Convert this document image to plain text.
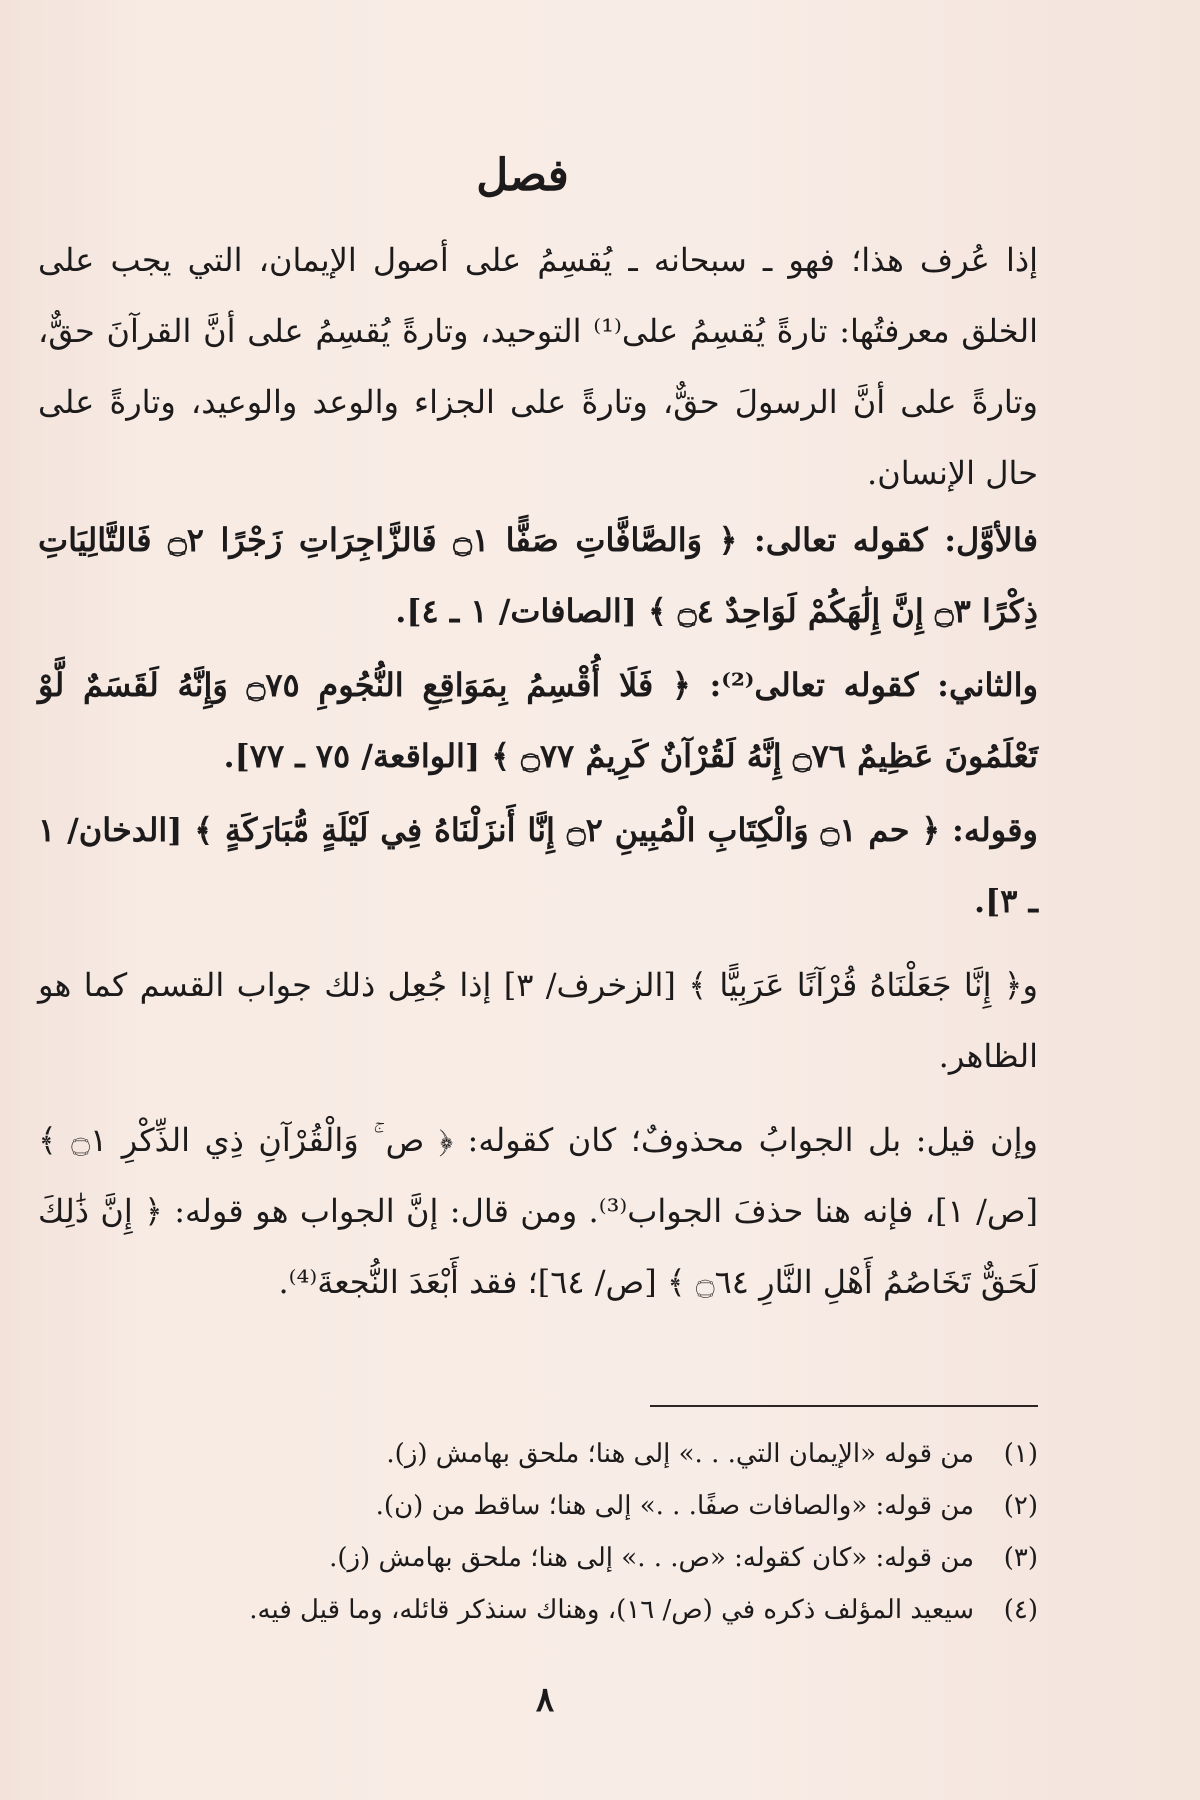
فصل

إذا عُرف هذا؛ فهو ـ سبحانه ـ يُقسِمُ على أصول الإيمان، التي يجب على الخلق معرفتُها: تارةً يُقسِمُ على⁽¹⁾ التوحيد، وتارةً يُقسِمُ على أنَّ القرآنَ حقٌّ، وتارةً على أنَّ الرسولَ حقٌّ، وتارةً على الجزاء والوعد والوعيد، وتارةً على حال الإنسان.

فالأوَّل: كقوله تعالى: ﴿ وَالصَّافَّاتِ صَفًّا ۝١ فَالزَّاجِرَاتِ زَجْرًا ۝٢ فَالتَّالِيَاتِ ذِكْرًا ۝٣ إِنَّ إِلَٰهَكُمْ لَوَاحِدٌ ۝٤ ﴾ [الصافات/ ١ ـ ٤].

والثاني: كقوله تعالى⁽²⁾: ﴿ فَلَا أُقْسِمُ بِمَوَاقِعِ النُّجُومِ ۝٧٥ وَإِنَّهُ لَقَسَمٌ لَّوْ تَعْلَمُونَ عَظِيمٌ ۝٧٦ إِنَّهُ لَقُرْآنٌ كَرِيمٌ ۝٧٧ ﴾ [الواقعة/ ٧٥ ـ ٧٧].

وقوله: ﴿ حم ۝١ وَالْكِتَابِ الْمُبِينِ ۝٢ إِنَّا أَنزَلْنَاهُ فِي لَيْلَةٍ مُّبَارَكَةٍ ﴾ [الدخان/ ١ ـ ٣].

و﴿ إِنَّا جَعَلْنَاهُ قُرْآنًا عَرَبِيًّا ﴾ [الزخرف/ ٣] إذا جُعِل ذلك جواب القسم كما هو الظاهر.

وإن قيل: بل الجوابُ محذوفٌ؛ كان كقوله: ﴿ ص ۚ وَالْقُرْآنِ ذِي الذِّكْرِ ۝١ ﴾ [ص/ ١]، فإنه هنا حذفَ الجواب⁽³⁾. ومن قال: إنَّ الجواب هو قوله: ﴿ إِنَّ ذَٰلِكَ لَحَقٌّ تَخَاصُمُ أَهْلِ النَّارِ ۝٦٤ ﴾ [ص/ ٦٤]؛ فقد أَبْعَدَ النُّجعةَ⁽⁴⁾.

(١)
من قوله «الإيمان التي. . .» إلى هنا؛ ملحق بهامش (ز).
(٢)
من قوله: «والصافات صفًا. . .» إلى هنا؛ ساقط من (ن).
(٣)
من قوله: «كان كقوله: «ص. . .» إلى هنا؛ ملحق بهامش (ز).
(٤)
سيعيد المؤلف ذكره في (ص/ ١٦)، وهناك سنذكر قائله، وما قيل فيه.
٨
